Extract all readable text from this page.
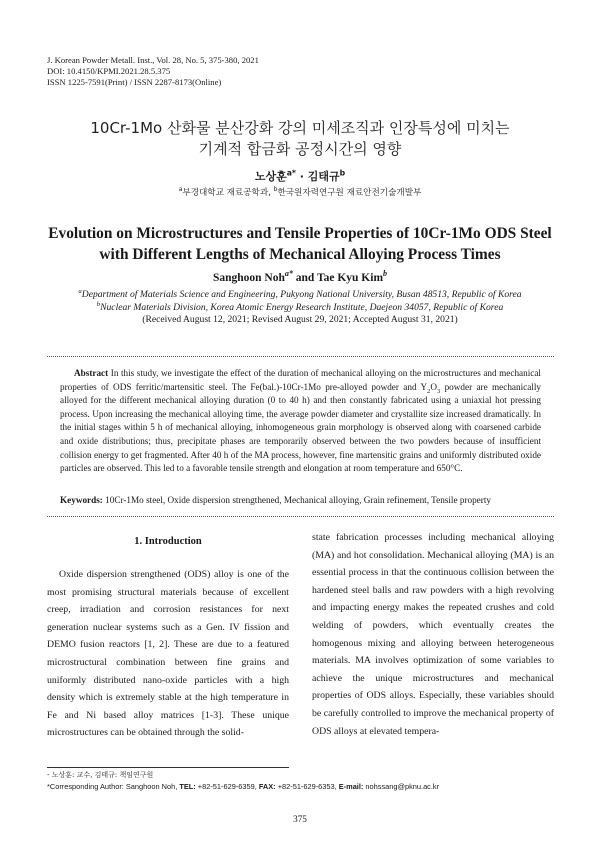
J. Korean Powder Metall. Inst., Vol. 28, No. 5, 375-380, 2021
DOI: 10.4150/KPMI.2021.28.5.375
ISSN 1225-7591(Print) / ISSN 2287-8173(Online)
10Cr-1Mo 산화물 분산강화 강의 미세조직과 인장특성에 미치는
기계적 합금화 공정시간의 영향
노상훈$^{a*}$ · 김태규$^b$
$^a$부경대학교 재료공학과, $^b$한국원자력연구원 재료안전기술개발부
Evolution on Microstructures and Tensile Properties of 10Cr-1Mo ODS Steel
with Different Lengths of Mechanical Alloying Process Times
Sanghoon Noh$^{a*}$ and Tae Kyu Kim$^b$
$^a$Department of Materials Science and Engineering, Pukyong National University, Busan 48513, Republic of Korea
$^b$Nuclear Materials Division, Korea Atomic Energy Research Institute, Daejeon 34057, Republic of Korea
(Received August 12, 2021; Revised August 29, 2021; Accepted August 31, 2021)
Abstract In this study, we investigate the effect of the duration of mechanical alloying on the microstructures and mechanical properties of ODS ferritic/martensitic steel. The Fe(bal.)-10Cr-1Mo pre-alloyed powder and $Y_2O_3$ powder are mechanically alloyed for the different mechanical alloying duration (0 to 40 h) and then constantly fabricated using a uniaxial hot pressing process. Upon increasing the mechanical alloying time, the average powder diameter and crystallite size increased dramatically. In the initial stages within 5 h of mechanical alloying, inhomogeneous grain morphology is observed along with coarsened carbide and oxide distributions; thus, precipitate phases are temporarily observed between the two powders because of insufficient collision energy to get fragmented. After 40 h of the MA process, however, fine martensitic grains and uniformly distributed oxide particles are observed. This led to a favorable tensile strength and elongation at room temperature and 650°C.
Keywords: 10Cr-1Mo steel, Oxide dispersion strengthened, Mechanical alloying, Grain refinement, Tensile property
1. Introduction
Oxide dispersion strengthened (ODS) alloy is one of the most promising structural materials because of excellent creep, irradiation and corrosion resistances for next generation nuclear systems such as a Gen. IV fission and DEMO fusion reactors [1, 2]. These are due to a featured microstructural combination between fine grains and uniformly distributed nano-oxide particles with a high density which is extremely stable at the high temperature in Fe and Ni based alloy matrices [1-3]. These unique microstructures can be obtained through the solid-
state fabrication processes including mechanical alloying (MA) and hot consolidation. Mechanical alloying (MA) is an essential process in that the continuous collision between the hardened steel balls and raw powders with a high revolving and impacting energy makes the repeated crushes and cold welding of powders, which eventually creates the homogenous mixing and alloying between heterogeneous materials. MA involves optimization of some variables to achieve the unique microstructures and mechanical properties of ODS alloys. Especially, these variables should be carefully controlled to improve the mechanical property of ODS alloys at elevated tempera-
- 노상훈: 교수, 김태규: 책임연구원
*Corresponding Author: Sanghoon Noh, TEL: +82-51-629-6359, FAX: +82-51-629-6353, E-mail: nohssang@pknu.ac.kr
375
